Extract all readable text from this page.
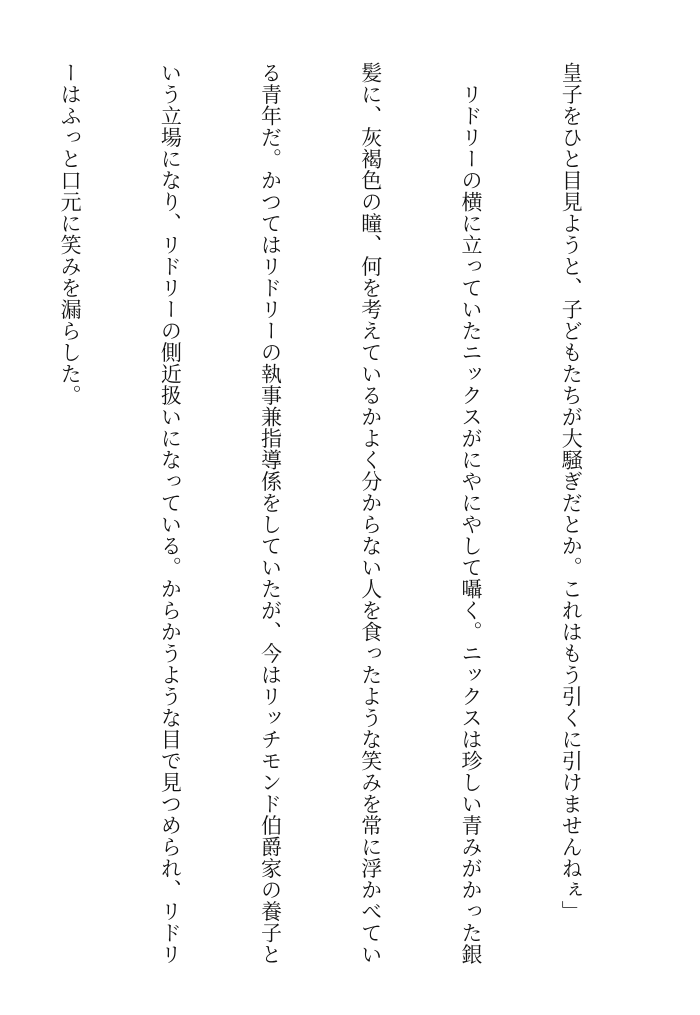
皇子をひと目見ようと、子どもたちが大騒ぎだとか。これはもう引くに引けませんねぇ」

　リドリーの横に立っていたニックスがにやにやして囁く。ニックスは珍しい青みがかった銀

髪に、灰褐色の瞳、何を考えているかよく分からない人を食ったような笑みを常に浮かべてい

る青年だ。かつてはリドリーの執事兼指導係をしていたが、今はリッチモンド伯爵家の養子と

いう立場になり、リドリーの側近扱いになっている。からかうような目で見つめられ、リドリ

ーはふっと口元に笑みを漏らした。
